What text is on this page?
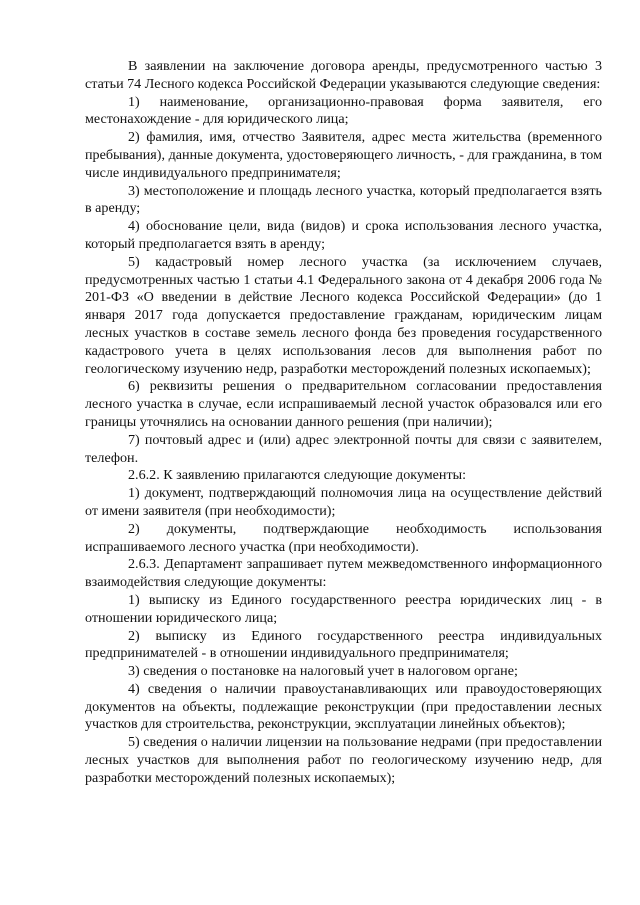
В заявлении на заключение договора аренды, предусмотренного частью 3 статьи 74 Лесного кодекса Российской Федерации указываются следующие сведения:

1) наименование, организационно-правовая форма заявителя, его местонахождение - для юридического лица;

2) фамилия, имя, отчество Заявителя, адрес места жительства (временного пребывания), данные документа, удостоверяющего личность, - для гражданина, в том числе индивидуального предпринимателя;

3) местоположение и площадь лесного участка, который предполагается взять в аренду;

4) обоснование цели, вида (видов) и срока использования лесного участка, который предполагается взять в аренду;

5) кадастровый номер лесного участка (за исключением случаев, предусмотренных частью 1 статьи 4.1 Федерального закона от 4 декабря 2006 года № 201-ФЗ «О введении в действие Лесного кодекса Российской Федерации» (до 1 января 2017 года допускается предоставление гражданам, юридическим лицам лесных участков в составе земель лесного фонда без проведения государственного кадастрового учета в целях использования лесов для выполнения работ по геологическому изучению недр, разработки месторождений полезных ископаемых);

6) реквизиты решения о предварительном согласовании предоставления лесного участка в случае, если испрашиваемый лесной участок образовался или его границы уточнялись на основании данного решения (при наличии);

7) почтовый адрес и (или) адрес электронной почты для связи с заявителем, телефон.

2.6.2. К заявлению прилагаются следующие документы:

1) документ, подтверждающий полномочия лица на осуществление действий от имени заявителя (при необходимости);

2) документы, подтверждающие необходимость использования испрашиваемого лесного участка (при необходимости).

2.6.3. Департамент запрашивает путем межведомственного информационного взаимодействия следующие документы:

1) выписку из Единого государственного реестра юридических лиц - в отношении юридического лица;

2) выписку из Единого государственного реестра индивидуальных предпринимателей - в отношении индивидуального предпринимателя;

3) сведения о постановке на налоговый учет в налоговом органе;

4) сведения о наличии правоустанавливающих или правоудостоверяющих документов на объекты, подлежащие реконструкции (при предоставлении лесных участков для строительства, реконструкции, эксплуатации линейных объектов);

5) сведения о наличии лицензии на пользование недрами (при предоставлении лесных участков для выполнения работ по геологическому изучению недр, для разработки месторождений полезных ископаемых);
